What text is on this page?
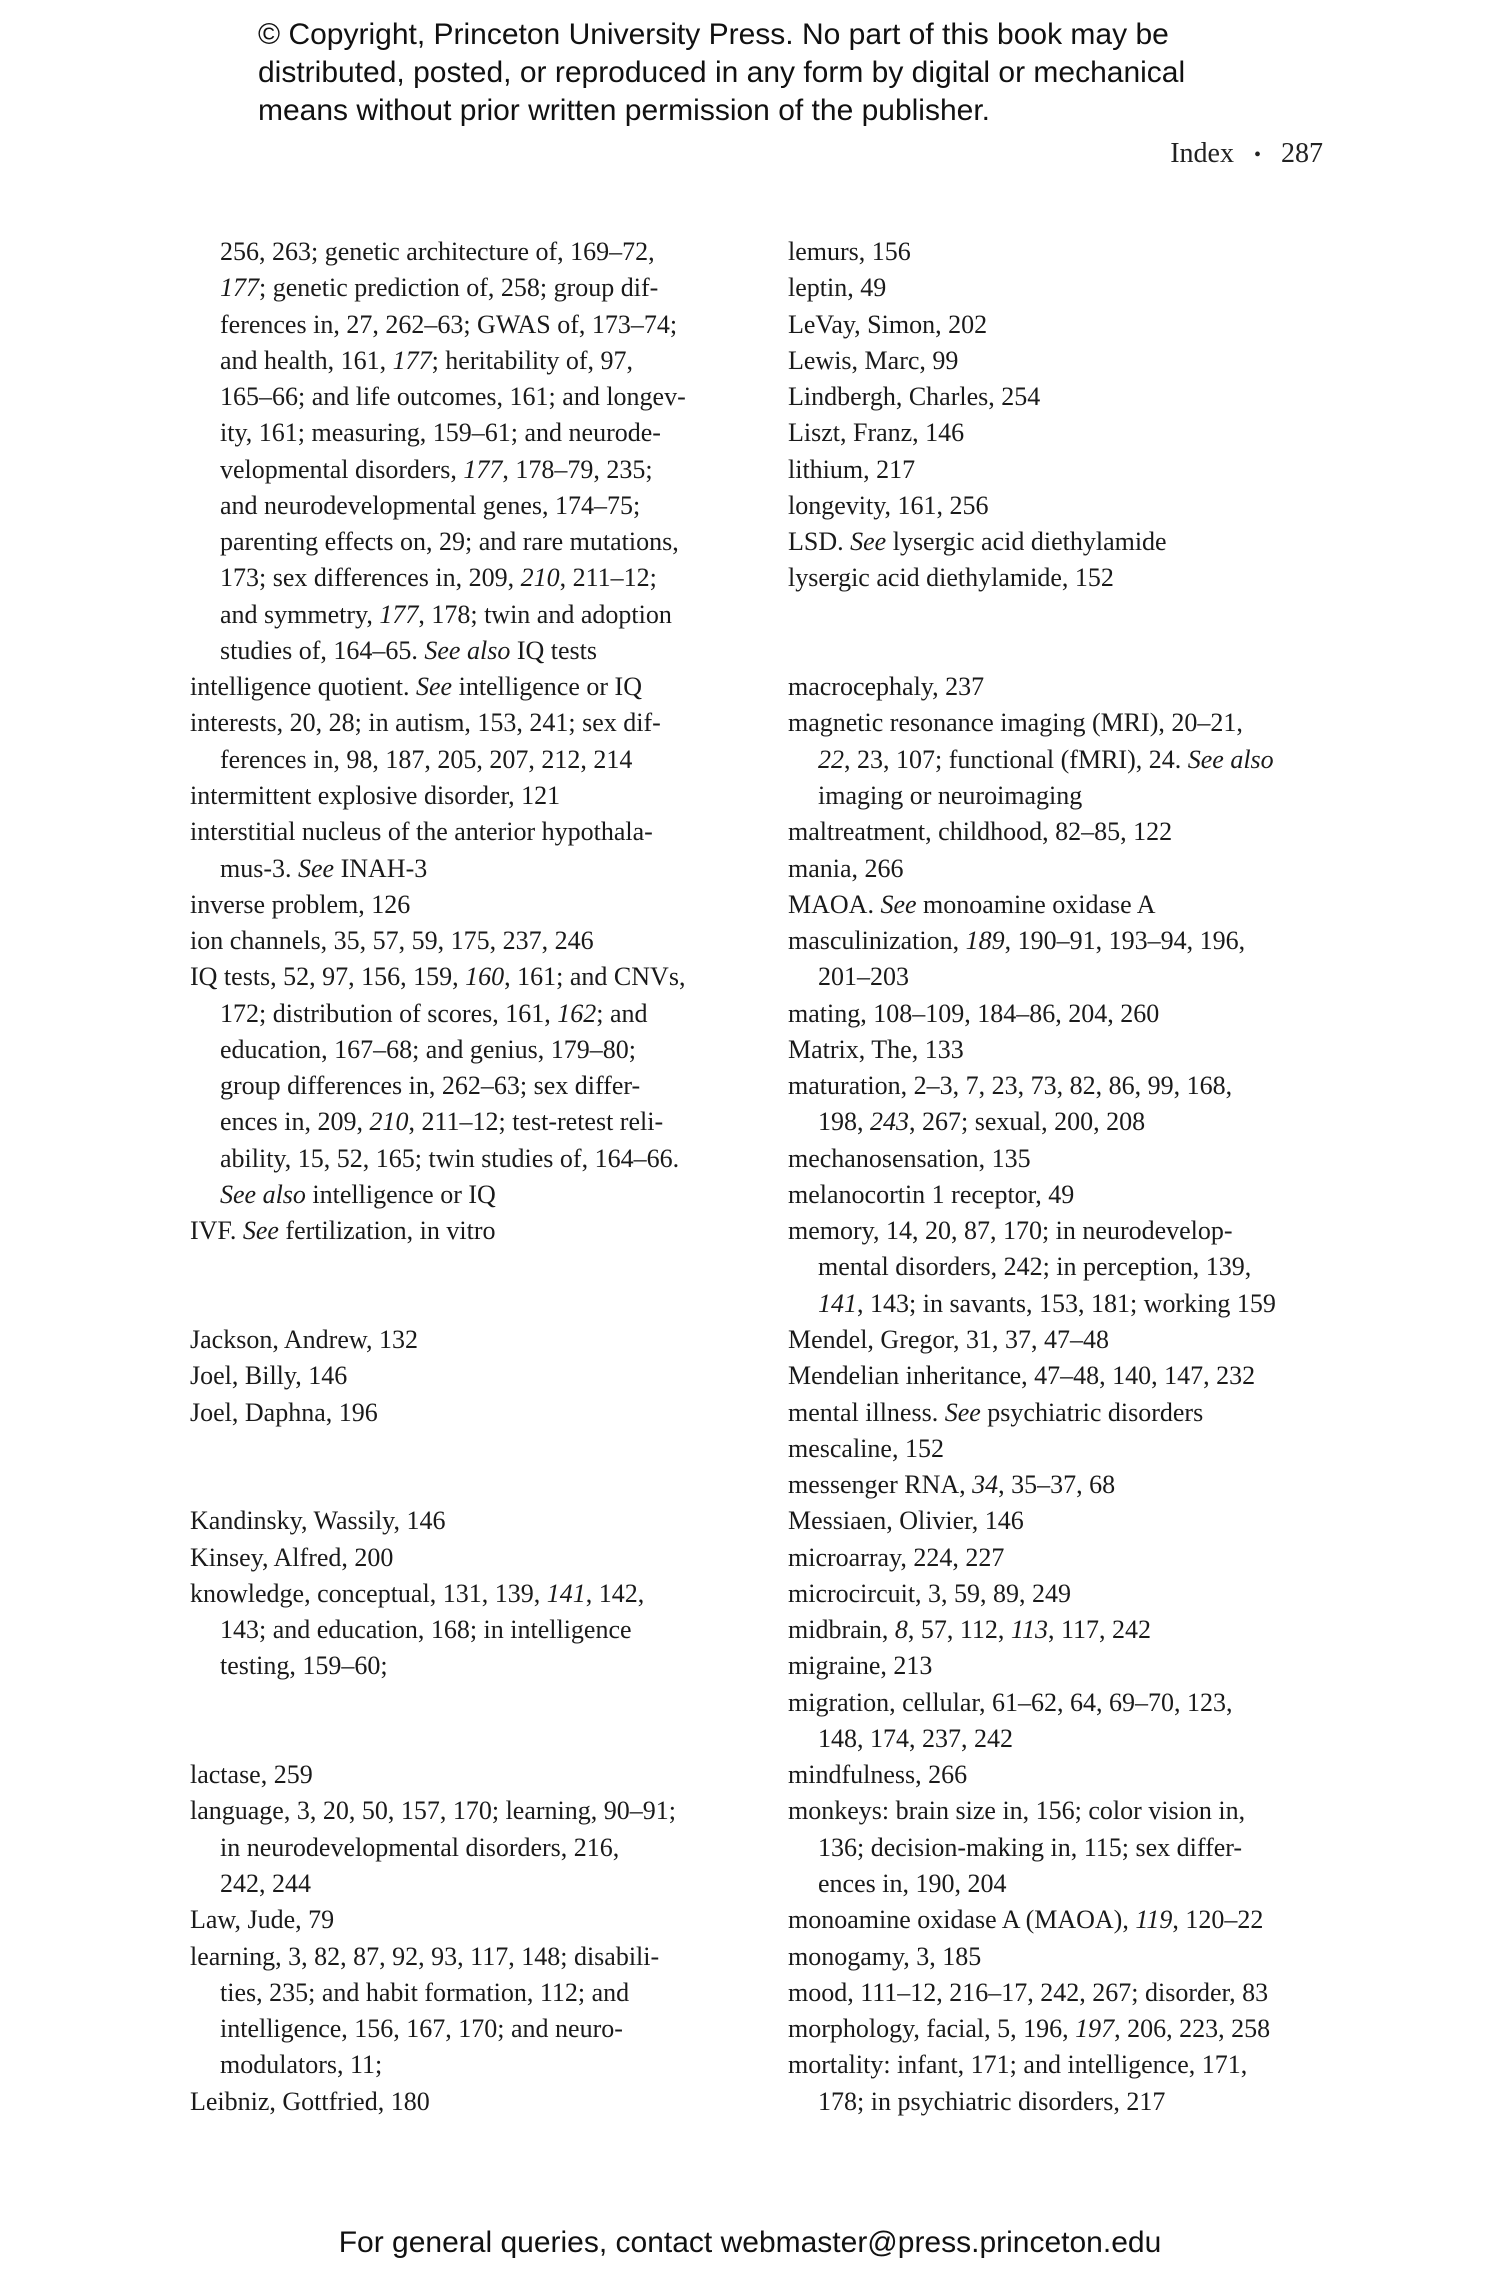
© Copyright, Princeton University Press. No part of this book may be
distributed, posted, or reproduced in any form by digital or mechanical
means without prior written permission of the publisher.
Index • 287
256, 263; genetic architecture of, 169–72,
177; genetic prediction of, 258; group dif-
ferences in, 27, 262–63; GWAS of, 173–74;
and health, 161, 177; heritability of, 97,
165–66; and life outcomes, 161; and longev-
ity, 161; measuring, 159–61; and neurode-
velopmental disorders, 177, 178–79, 235;
and neurodevelopmental genes, 174–75;
parenting effects on, 29; and rare mutations,
173; sex differences in, 209, 210, 211–12;
and symmetry, 177, 178; twin and adoption
studies of, 164–65. See also IQ tests
intelligence quotient. See intelligence or IQ
interests, 20, 28; in autism, 153, 241; sex dif-
ferences in, 98, 187, 205, 207, 212, 214
intermittent explosive disorder, 121
interstitial nucleus of the anterior hypothala-
mus-3. See INAH-3
inverse problem, 126
ion channels, 35, 57, 59, 175, 237, 246
IQ tests, 52, 97, 156, 159, 160, 161; and CNVs,
172; distribution of scores, 161, 162; and
education, 167–68; and genius, 179–80;
group differences in, 262–63; sex differ-
ences in, 209, 210, 211–12; test-retest reli-
ability, 15, 52, 165; twin studies of, 164–66.
See also intelligence or IQ
IVF. See fertilization, in vitro
Jackson, Andrew, 132
Joel, Billy, 146
Joel, Daphna, 196
Kandinsky, Wassily, 146
Kinsey, Alfred, 200
knowledge, conceptual, 131, 139, 141, 142,
143; and education, 168; in intelligence
testing, 159–60;
lactase, 259
language, 3, 20, 50, 157, 170; learning, 90–91;
in neurodevelopmental disorders, 216,
242, 244
Law, Jude, 79
learning, 3, 82, 87, 92, 93, 117, 148; disabili-
ties, 235; and habit formation, 112; and
intelligence, 156, 167, 170; and neuro-
modulators, 11;
Leibniz, Gottfried, 180
lemurs, 156
leptin, 49
LeVay, Simon, 202
Lewis, Marc, 99
Lindbergh, Charles, 254
Liszt, Franz, 146
lithium, 217
longevity, 161, 256
LSD. See lysergic acid diethylamide
lysergic acid diethylamide, 152
macrocephaly, 237
magnetic resonance imaging (MRI), 20–21,
22, 23, 107; functional (fMRI), 24. See also
imaging or neuroimaging
maltreatment, childhood, 82–85, 122
mania, 266
MAOA. See monoamine oxidase A
masculinization, 189, 190–91, 193–94, 196,
201–203
mating, 108–109, 184–86, 204, 260
Matrix, The, 133
maturation, 2–3, 7, 23, 73, 82, 86, 99, 168,
198, 243, 267; sexual, 200, 208
mechanosensation, 135
melanocortin 1 receptor, 49
memory, 14, 20, 87, 170; in neurodevelop-
mental disorders, 242; in perception, 139,
141, 143; in savants, 153, 181; working 159
Mendel, Gregor, 31, 37, 47–48
Mendelian inheritance, 47–48, 140, 147, 232
mental illness. See psychiatric disorders
mescaline, 152
messenger RNA, 34, 35–37, 68
Messiaen, Olivier, 146
microarray, 224, 227
microcircuit, 3, 59, 89, 249
midbrain, 8, 57, 112, 113, 117, 242
migraine, 213
migration, cellular, 61–62, 64, 69–70, 123,
148, 174, 237, 242
mindfulness, 266
monkeys: brain size in, 156; color vision in,
136; decision-making in, 115; sex differ-
ences in, 190, 204
monoamine oxidase A (MAOA), 119, 120–22
monogamy, 3, 185
mood, 111–12, 216–17, 242, 267; disorder, 83
morphology, facial, 5, 196, 197, 206, 223, 258
mortality: infant, 171; and intelligence, 171,
178; in psychiatric disorders, 217
For general queries, contact webmaster@press.princeton.edu
